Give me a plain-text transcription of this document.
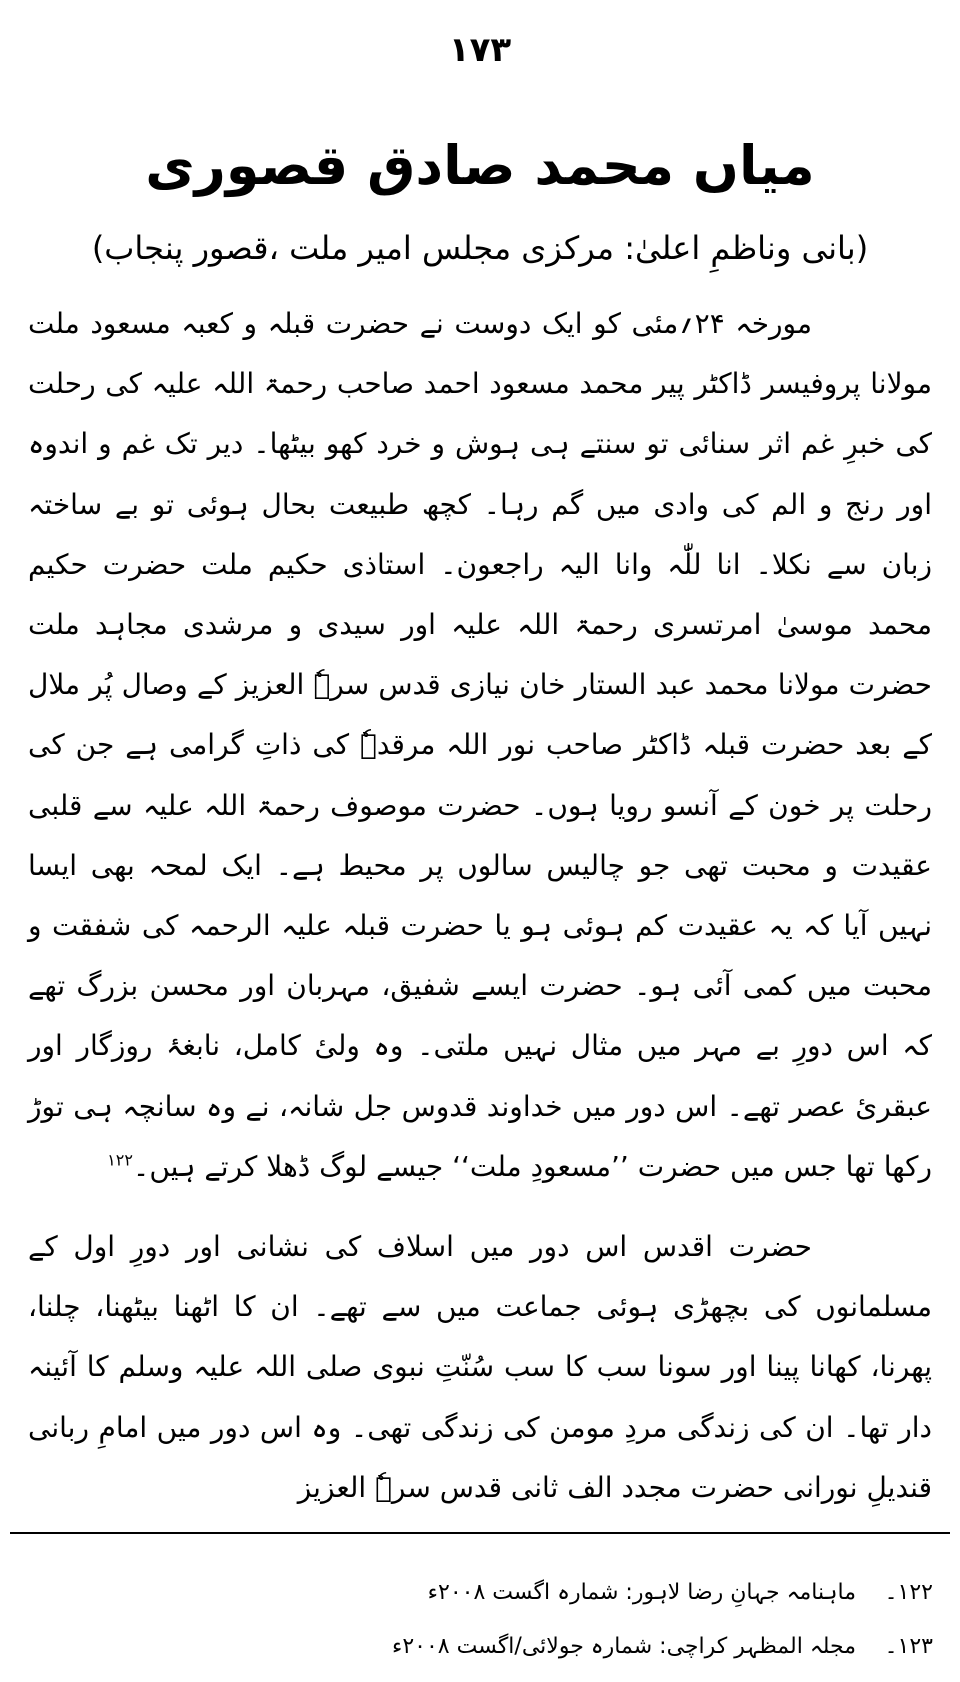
۱۷۳
میاں محمد صادق قصوری
(بانی وناظمِ اعلیٰ: مرکزی مجلس امیر ملت ،قصور پنجاب)

مورخہ ۲۴؍مئی کو ایک دوست نے حضرت قبلہ و کعبہ مسعود ملت مولانا پروفیسر ڈاکٹر پیر محمد مسعود احمد صاحب رحمۃ اللہ علیہ کی رحلت کی خبرِ غم اثر سنائی تو سنتے ہی ہوش و خرد کھو بیٹھا۔ دیر تک غم و اندوہ اور رنج و الم کی وادی میں گم رہا۔ کچھ طبیعت بحال ہوئی تو بے ساختہ زبان سے نکلا۔ انا للّٰہ وانا الیہ راجعون۔ استاذی حکیم ملت حضرت حکیم محمد موسیٰ امرتسری رحمۃ اللہ علیہ اور سیدی و مرشدی مجاہد ملت حضرت مولانا محمد عبد الستار خان نیازی قدس سرہٗ العزیز کے وصال پُر ملال کے بعد حضرت قبلہ ڈاکٹر صاحب نور اللہ مرقدہٗ کی ذاتِ گرامی ہے جن کی رحلت پر خون کے آنسو رویا ہوں۔ حضرت موصوف رحمۃ اللہ علیہ سے قلبی عقیدت و محبت تھی جو چالیس سالوں پر محیط ہے۔ ایک لمحہ بھی ایسا نہیں آیا کہ یہ عقیدت کم ہوئی ہو یا حضرت قبلہ علیہ الرحمہ کی شفقت و محبت میں کمی آئی ہو۔ حضرت ایسے شفیق، مہربان اور محسن بزرگ تھے کہ اس دورِ بے مہر میں مثال نہیں ملتی۔ وہ ولیٔ کامل، نابغۂ روزگار اور عبقریٔ عصر تھے۔ اس دور میں خداوند قدوس جل شانہ، نے وہ سانچہ ہی توڑ رکھا تھا جس میں حضرت ’’مسعودِ ملت‘‘ جیسے لوگ ڈھلا کرتے ہیں۔$^{۱۲۲}$

حضرت اقدس اس دور میں اسلاف کی نشانی اور دورِ اول کے مسلمانوں کی بچھڑی ہوئی جماعت میں سے تھے۔ ان کا اٹھنا بیٹھنا، چلنا، پھرنا، کھانا پینا اور سونا سب کا سب سُنّتِ نبوی صلی اللہ علیہ وسلم کا آئینہ دار تھا۔ ان کی زندگی مردِ مومن کی زندگی تھی۔ وہ اس دور میں امامِ ربانی قندیلِ نورانی حضرت مجدد الف ثانی قدس سرہٗ العزیز

۱۲۲۔ ماہنامہ جہانِ رضا لاہور: شمارہ اگست ۲۰۰۸ء
۱۲۳۔ مجلہ المظہر کراچی: شمارہ جولائی/اگست ۲۰۰۸ء
